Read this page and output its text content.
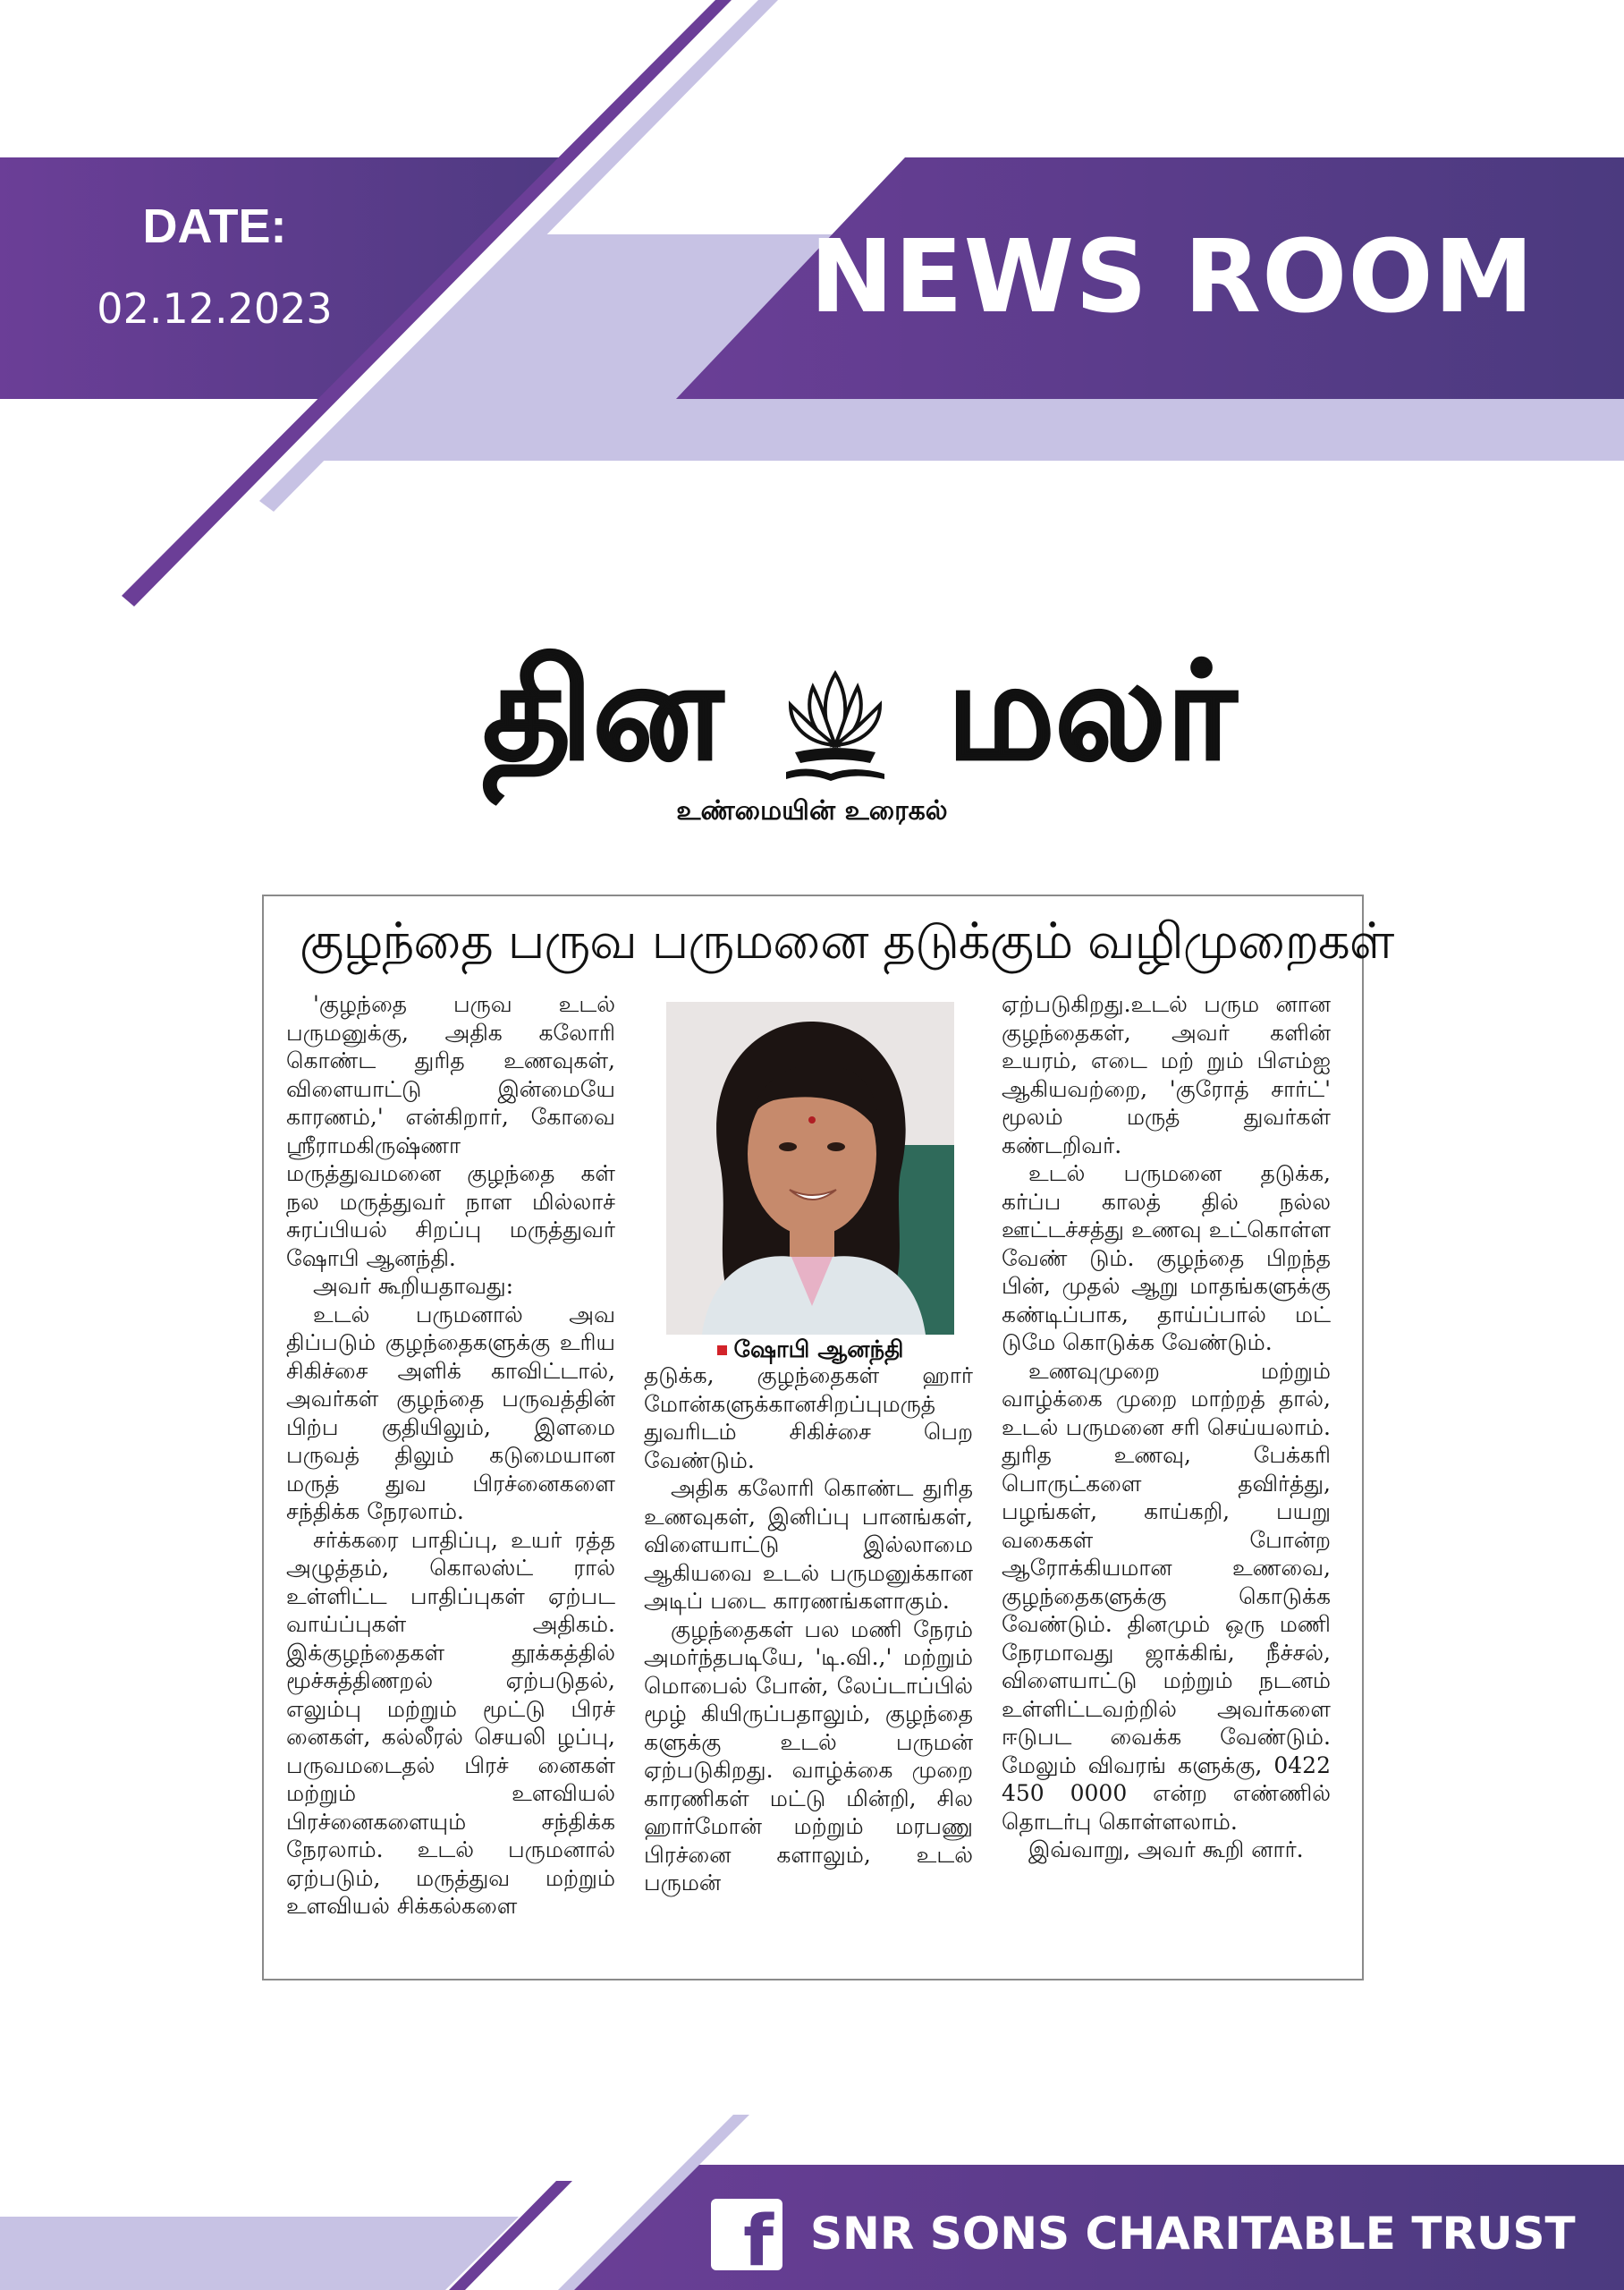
DATE:
02.12.2023	NEWS ROOM
தின மலர்
உண்மையின் உரைகல்
குழந்தை பருவ பருமனை தடுக்கும் வழிமுறைகள்

'குழந்தை பருவ உடல் பருமனுக்கு, அதிக கலோரி கொண்ட துரித உணவுகள், விளையாட்டு இன்மையே காரணம்,' என்கிறார், கோவை ஸ்ரீராமகிருஷ்ணா மருத்துவமனை குழந்தை கள் நல மருத்துவர் நாள மில்லாச் சுரப்பியல் சிறப்பு மருத்துவர் ஷோபி ஆனந்தி.

அவர் கூறியதாவது:

உடல் பருமனால் அவ திப்படும் குழந்தைகளுக்கு உரிய சிகிச்சை அளிக் காவிட்டால், அவர்கள் குழந்தை பருவத்தின் பிற்ப குதியிலும், இளமை பருவத் திலும் கடுமையான மருத் துவ பிரச்னைகளை சந்திக்க நேரலாம்.

சர்க்கரை பாதிப்பு, உயர் ரத்த அழுத்தம், கொலஸ்ட் ரால் உள்ளிட்ட பாதிப்புகள் ஏற்பட வாய்ப்புகள் அதிகம். இக்குழந்தைகள் தூக்கத்தில் மூச்சுத்திணறல் ஏற்படுதல், எலும்பு மற்றும் மூட்டு பிரச் னைகள், கல்லீரல் செயலி ழப்பு, பருவமடைதல் பிரச் னைகள் மற்றும் உளவியல் பிரச்னைகளையும் சந்திக்க நேரலாம். உடல் பருமனால் ஏற்படும், மருத்துவ மற்றும் உளவியல் சிக்கல்களை

ஷோபி ஆனந்தி

தடுக்க, குழந்தைகள் ஹார் மோன்களுக்கானசிறப்புமருத் துவரிடம் சிகிச்சை பெற வேண்டும்.

அதிக கலோரி கொண்ட துரித உணவுகள், இனிப்பு பானங்கள், விளையாட்டு இல்லாமை ஆகியவை உடல் பருமனுக்கான அடிப் படை காரணங்களாகும்.

குழந்தைகள் பல மணி நேரம் அமர்ந்தபடியே, 'டி.வி.,' மற்றும் மொபைல் போன், லேப்டாப்பில் மூழ் கியிருப்பதாலும், குழந்தை களுக்கு உடல் பருமன் ஏற்படுகிறது. வாழ்க்கை முறை காரணிகள் மட்டு மின்றி, சில ஹார்மோன் மற்றும் மரபணு பிரச்னை களாலும், உடல் பருமன்

ஏற்படுகிறது.உடல் பரும னான குழந்தைகள், அவர் களின் உயரம், எடை மற் றும் பிஎம்ஐ ஆகியவற்றை, 'குரோத் சார்ட்' மூலம் மருத் துவர்கள் கண்டறிவர்.

உடல் பருமனை தடுக்க, கர்ப்ப காலத் தில் நல்ல ஊட்டச்சத்து உணவு உட்கொள்ள வேண் டும். குழந்தை பிறந்த பின், முதல் ஆறு மாதங்களுக்கு கண்டிப்பாக, தாய்ப்பால் மட் டுமே கொடுக்க வேண்டும்.

உணவுமுறை மற்றும் வாழ்க்கை முறை மாற்றத் தால், உடல் பருமனை சரி செய்யலாம். துரித உணவு, பேக்கரி பொருட்களை தவிர்த்து, பழங்கள், காய்கறி, பயறு வகைகள் போன்ற ஆரோக்கியமான உணவை, குழந்தைகளுக்கு கொடுக்க வேண்டும். தினமும் ஒரு மணி நேரமாவது ஜாக்கிங், நீச்சல், விளையாட்டு மற்றும் நடனம் உள்ளிட்டவற்றில் அவர்களை ஈடுபட வைக்க வேண்டும். மேலும் விவரங் களுக்கு, 0422 450 0000 என்ற எண்ணில் தொடர்பு கொள்ளலாம்.

இவ்வாறு, அவர் கூறி னார்.

f SNR SONS CHARITABLE TRUST
